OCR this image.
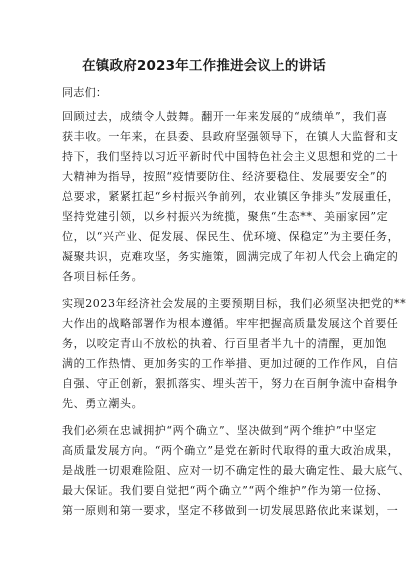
在镇政府2023年工作推进会议上的讲话
同志们：
回顾过去，成绩令人鼓舞。翻开一年来发展的“成绩单”，我们喜
获丰收。一年来，在县委、县政府坚强领导下，在镇人大监督和支
持下，我们坚持以习近平新时代中国特色社会主义思想和党的二十
大精神为指导，按照“疫情要防住、经济要稳住、发展要安全”的
总要求，紧紧扛起“乡村振兴争前列，农业镇区争排头”发展重任，
坚持党建引领，以乡村振兴为统揽，聚焦“生态**、美丽家园”定
位，以“兴产业、促发展、保民生、优环境、保稳定”为主要任务，
凝聚共识，克难攻坚，务实施策，圆满完成了年初人代会上确定的
各项目标任务。
实现2023年经济社会发展的主要预期目标，我们必须坚决把党的**
大作出的战略部署作为根本遵循。牢牢把握高质量发展这个首要任
务，以咬定青山不放松的执着、行百里者半九十的清醒，更加饱
满的工作热情、更加务实的工作举措、更加过硬的工作作风，自信
自强、守正创新，狠抓落实、埋头苦干，努力在百舸争流中奋楫争
先、勇立潮头。
我们必须在忠诚拥护“两个确立”、坚决做到“两个维护”中坚定
高质量发展方向。“两个确立”是党在新时代取得的重大政治成果，
是战胜一切艰难险阻、应对一切不确定性的最大确定性、最大底气、
最大保证。我们要自觉把“两个确立”“两个维护”作为第一位扬、
第一原则和第一要求，坚定不移做到一切发展思路依此来谋划，一
